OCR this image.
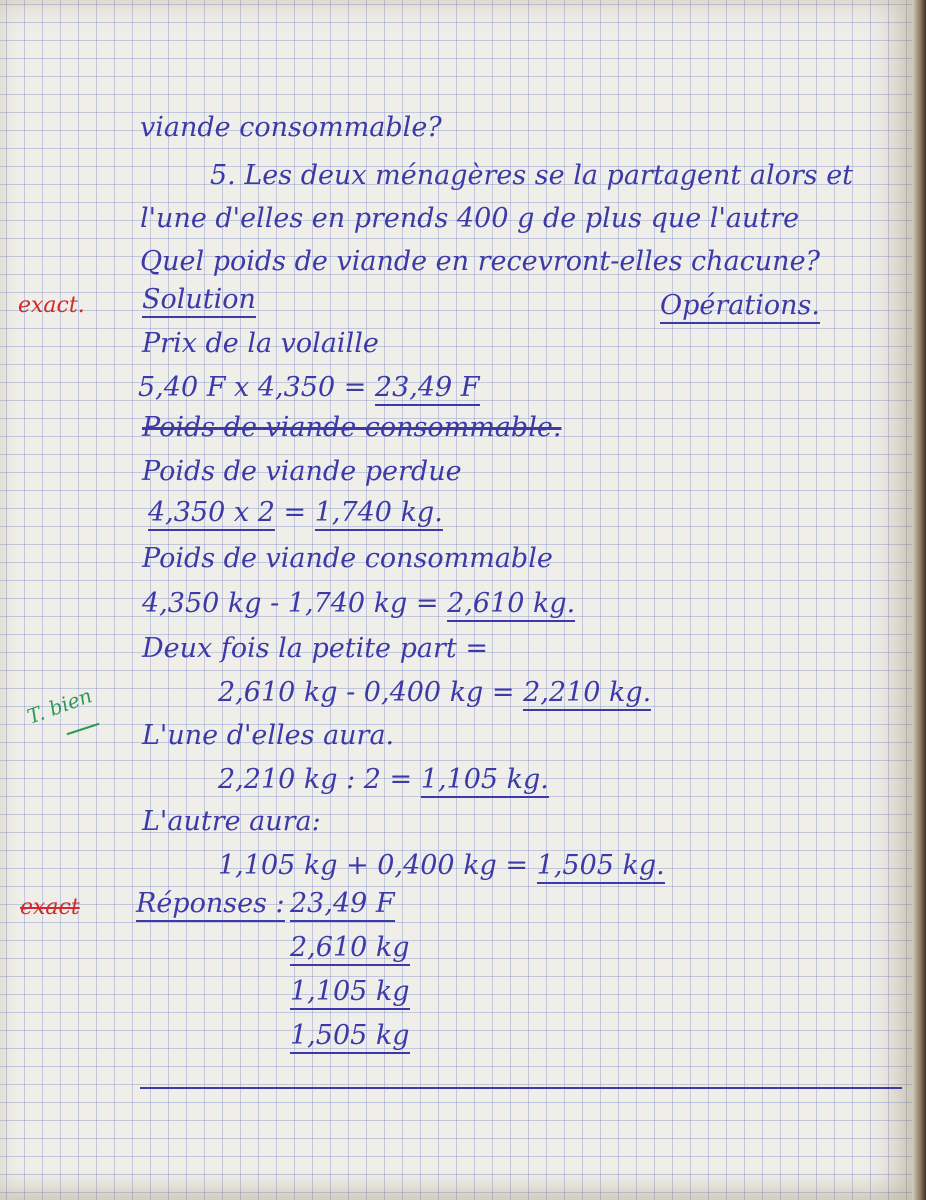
viande consommable?
5. Les deux ménagères se la partagent alors et
l'une d'elles en prends 400 g de plus que l'autre
Quel poids de viande en recevront-elles chacune?
exact. Solution	Opérations.
Prix de la volaille
5,40 F x 4,350 = 23,49 F
Poids de viande consommable.
Poids de viande perdue
4,350 x 2 = 1,740 kg.
Poids de viande consommable
4,350 kg - 1,740 kg = 2,610 kg.
Deux fois la petite part =
T. bien	2,610 kg - 0,400 kg = 2,210 kg.
L'une d'elles aura.
2,210 kg : 2 = 1,105 kg.
L'autre aura:
1,105 kg + 0,400 kg = 1,505 kg.
exact Réponses : 23,49 F
2,610 kg
1,105 kg
1,505 kg
